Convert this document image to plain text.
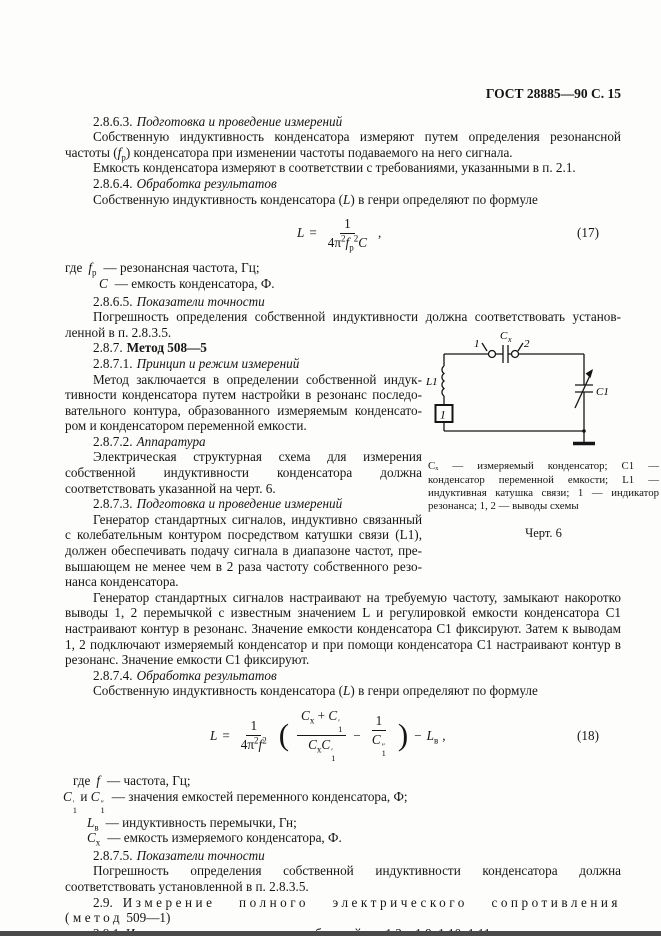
ГОСТ 28885—90 С. 15

2.8.6.3. Подготовка и проведение измерений

Собственную индуктивность конденсатора измеряют путем определения резонансной частоты $(f_р)$ конденсатора при изменении частоты подаваемого на него сигнала.

Емкость конденсатора измеряют в соответствии с требованиями, указанными в п. 2.1.

2.8.6.4. Обработка результатов

Собственную индуктивность конденсатора (L) в генри определяют по формуле

$L = \frac{1}{4\pi^2f_р^2C}$ ,	(17)

где $f_р$ — резонансная частота, Гц;

C — емкость конденсатора, Ф.

2.8.6.5. Показатели точности

Погрешность определения собственной индуктивности должна соответствовать установленной в п. 2.8.3.5.

2.8.7. Метод 508—5

2.8.7.1. Принцип и режим измерений

Метод заключается в определении собственной индуктивности конденсатора путем настройки в резонанс последовательного контура, образованного измеряемым конденсатором и конденсатором переменной емкости.

2.8.7.2. Аппаратура

Электрическая структурная схема для измерения собственной индуктивности конденсатора должна соответствовать указанной на черт. 6.

2.8.7.3. Подготовка и проведение измерений

Генератор стандартных сигналов, индуктивно связанный с колебательным контуром посредством катушки связи (L1), должен обеспечивать подачу сигнала в диапазоне частот, превышающем не менее чем в 2 раза частоту собственного резонанса конденсатора.

C х
1	2
L1
C1
1

Cₓ — измеряемый конденсатор; C1 — конденсатор переменной емкости; L1 — индуктивная катушка связи; 1 — индикатор резонанса; 1, 2 — выводы схемы

Черт. 6

Генератор стандартных сигналов настраивают на требуемую частоту, замыкают накоротко выводы 1, 2 перемычкой с известным значением L и регулировкой емкости конденсатора C1 настраивают контур в резонанс. Значение емкости конденсатора C1 фиксируют. Затем к выводам 1, 2 подключают измеряемый конденсатор и при помощи конденсатора C1 настраивают контур в резонанс. Значение емкости C1 фиксируют.

2.8.7.4. Обработка результатов

Собственную индуктивность конденсатора (L) в генри определяют по формуле

$L = \frac{1}{4\pi^2f^2}$ ( $C_х + C$ ′
1
$C_хC$ ′
1 − 1
C ″
1 ) − $L_в$ ,	(18)

где f — частота, Гц;

C ′
1
и C ″
1
— значения емкостей переменного конденсатора, Ф;

$L_в$ — индуктивность перемычки, Гн;

$C_х$ — емкость измеряемого конденсатора, Ф.

2.8.7.5. Показатели точности

Погрешность определения собственной индуктивности конденсатора должна соответствовать установленной в п. 2.8.3.5.

2.9. Измерение полного электрического сопротивления

(метод 509—1)
